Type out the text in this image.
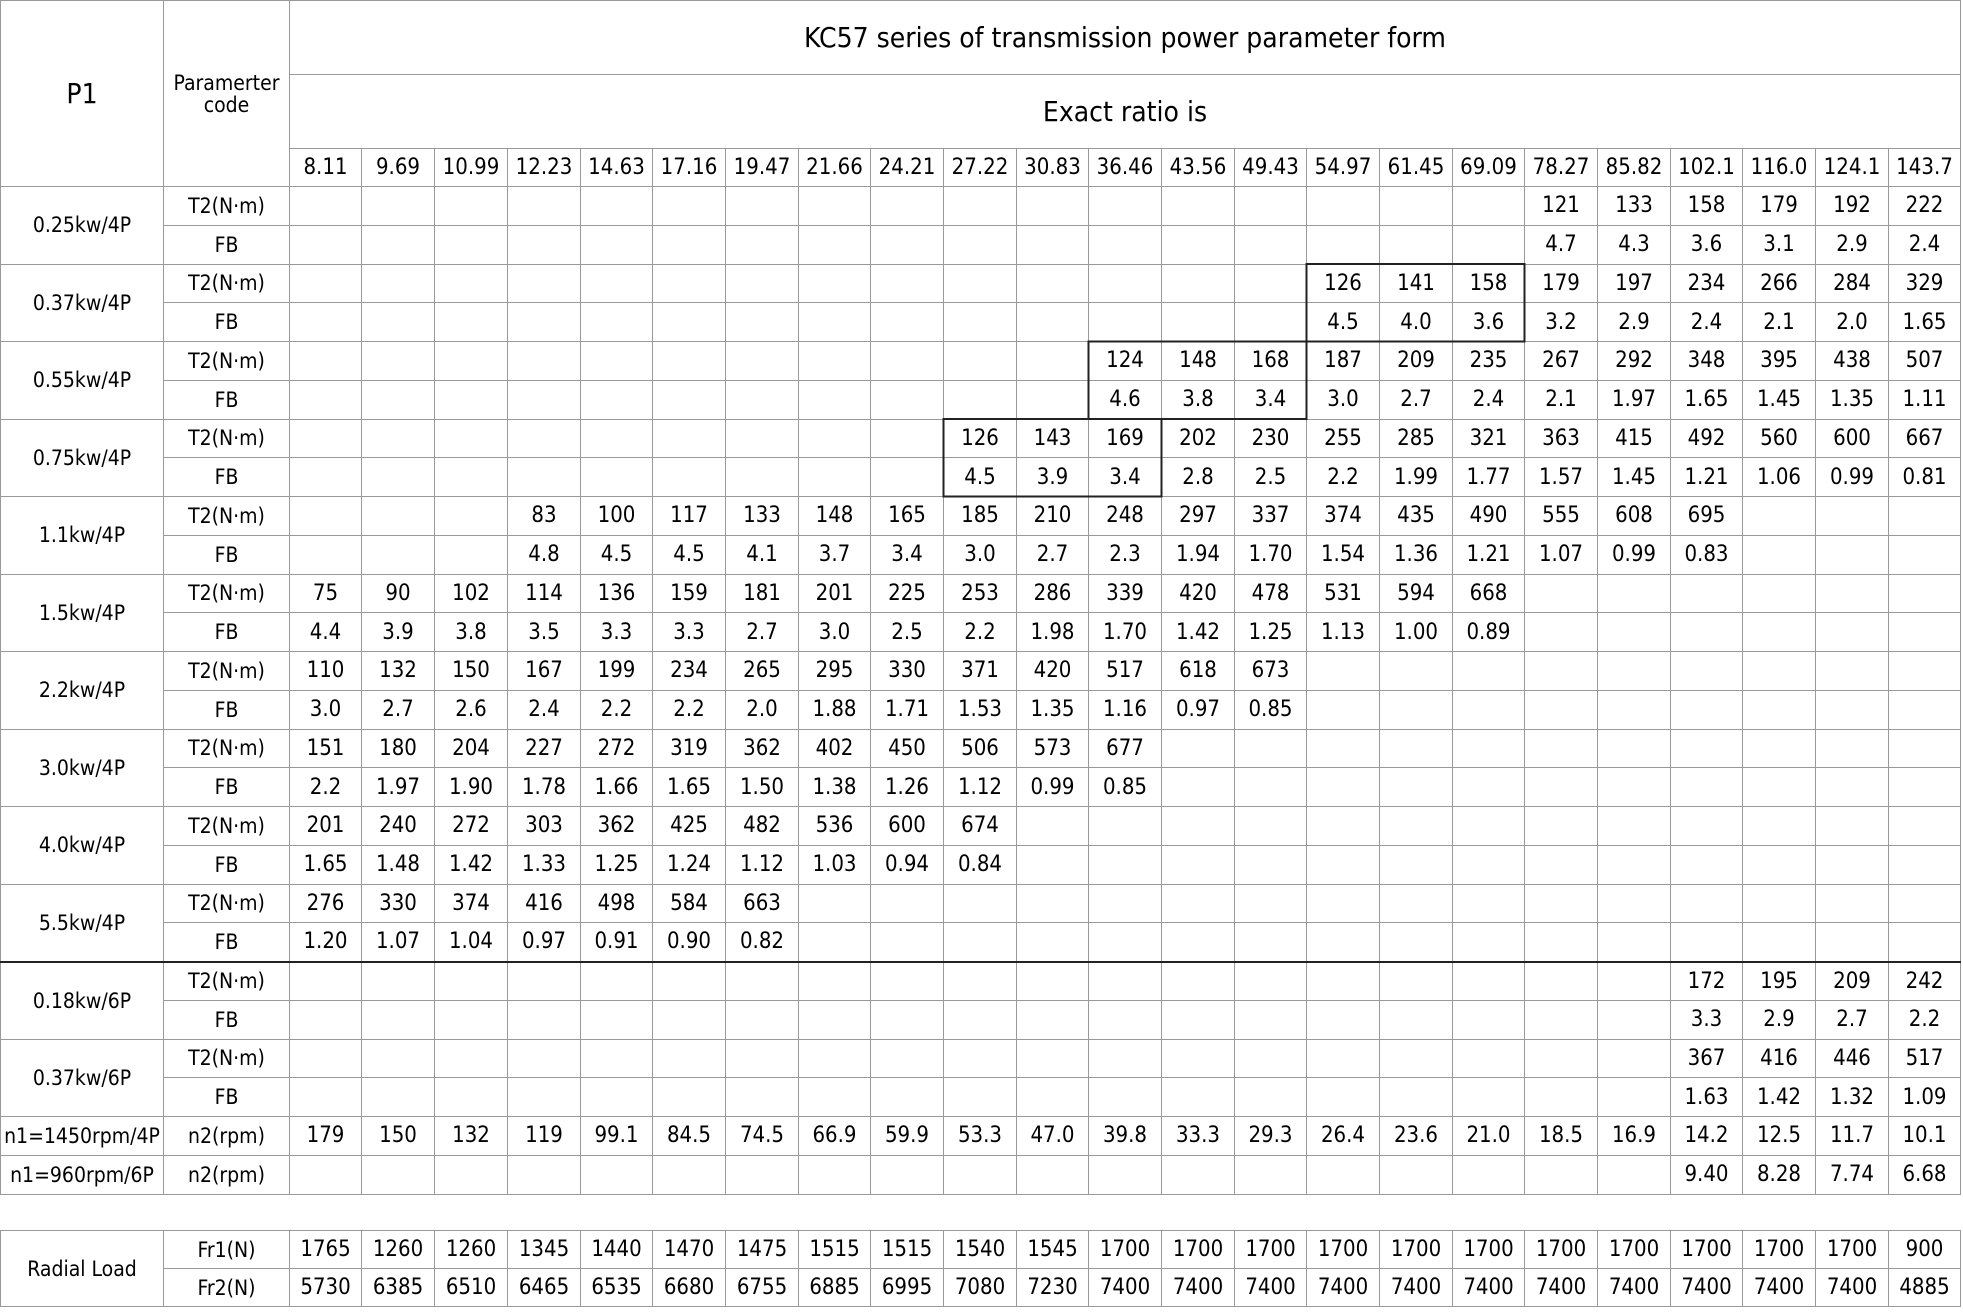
P1	Paramerter code	KC57 series of transmission power parameter form																						
		Exact ratio is																						
		8.11	9.69	10.99	12.23	14.63	17.16	19.47	21.66	24.21	27.22	30.83	36.46	43.56	49.43	54.97	61.45	69.09	78.27	85.82	102.1	116.0	124.1	143.7
0.25kw/4P	T2(N·m)																		121	133	158	179	192	222
	FB																		4.7	4.3	3.6	3.1	2.9	2.4
0.37kw/4P	T2(N·m)															126	141	158	179	197	234	266	284	329
	FB															4.5	4.0	3.6	3.2	2.9	2.4	2.1	2.0	1.65
0.55kw/4P	T2(N·m)												124	148	168	187	209	235	267	292	348	395	438	507
	FB												4.6	3.8	3.4	3.0	2.7	2.4	2.1	1.97	1.65	1.45	1.35	1.11
0.75kw/4P	T2(N·m)										126	143	169	202	230	255	285	321	363	415	492	560	600	667
	FB										4.5	3.9	3.4	2.8	2.5	2.2	1.99	1.77	1.57	1.45	1.21	1.06	0.99	0.81
1.1kw/4P	T2(N·m)				83	100	117	133	148	165	185	210	248	297	337	374	435	490	555	608	695			
	FB				4.8	4.5	4.5	4.1	3.7	3.4	3.0	2.7	2.3	1.94	1.70	1.54	1.36	1.21	1.07	0.99	0.83			
1.5kw/4P	T2(N·m)	75	90	102	114	136	159	181	201	225	253	286	339	420	478	531	594	668						
	FB	4.4	3.9	3.8	3.5	3.3	3.3	2.7	3.0	2.5	2.2	1.98	1.70	1.42	1.25	1.13	1.00	0.89						
2.2kw/4P	T2(N·m)	110	132	150	167	199	234	265	295	330	371	420	517	618	673									
	FB	3.0	2.7	2.6	2.4	2.2	2.2	2.0	1.88	1.71	1.53	1.35	1.16	0.97	0.85									
3.0kw/4P	T2(N·m)	151	180	204	227	272	319	362	402	450	506	573	677											
	FB	2.2	1.97	1.90	1.78	1.66	1.65	1.50	1.38	1.26	1.12	0.99	0.85											
4.0kw/4P	T2(N·m)	201	240	272	303	362	425	482	536	600	674													
	FB	1.65	1.48	1.42	1.33	1.25	1.24	1.12	1.03	0.94	0.84													
5.5kw/4P	T2(N·m)	276	330	374	416	498	584	663																
	FB	1.20	1.07	1.04	0.97	0.91	0.90	0.82																
0.18kw/6P	T2(N·m)																				172	195	209	242
	FB																				3.3	2.9	2.7	2.2
0.37kw/6P	T2(N·m)																				367	416	446	517
	FB																				1.63	1.42	1.32	1.09
n1=1450rpm/4P	n2(rpm)	179	150	132	119	99.1	84.5	74.5	66.9	59.9	53.3	47.0	39.8	33.3	29.3	26.4	23.6	21.0	18.5	16.9	14.2	12.5	11.7	10.1
n1=960rpm/6P	n2(rpm)																				9.40	8.28	7.74	6.68
Radial Load	Fr1(N)	1765	1260	1260	1345	1440	1470	1475	1515	1515	1540	1545	1700	1700	1700	1700	1700	1700	1700	1700	1700	1700	1700	900
	Fr2(N)	5730	6385	6510	6465	6535	6680	6755	6885	6995	7080	7230	7400	7400	7400	7400	7400	7400	7400	7400	7400	7400	7400	4885
